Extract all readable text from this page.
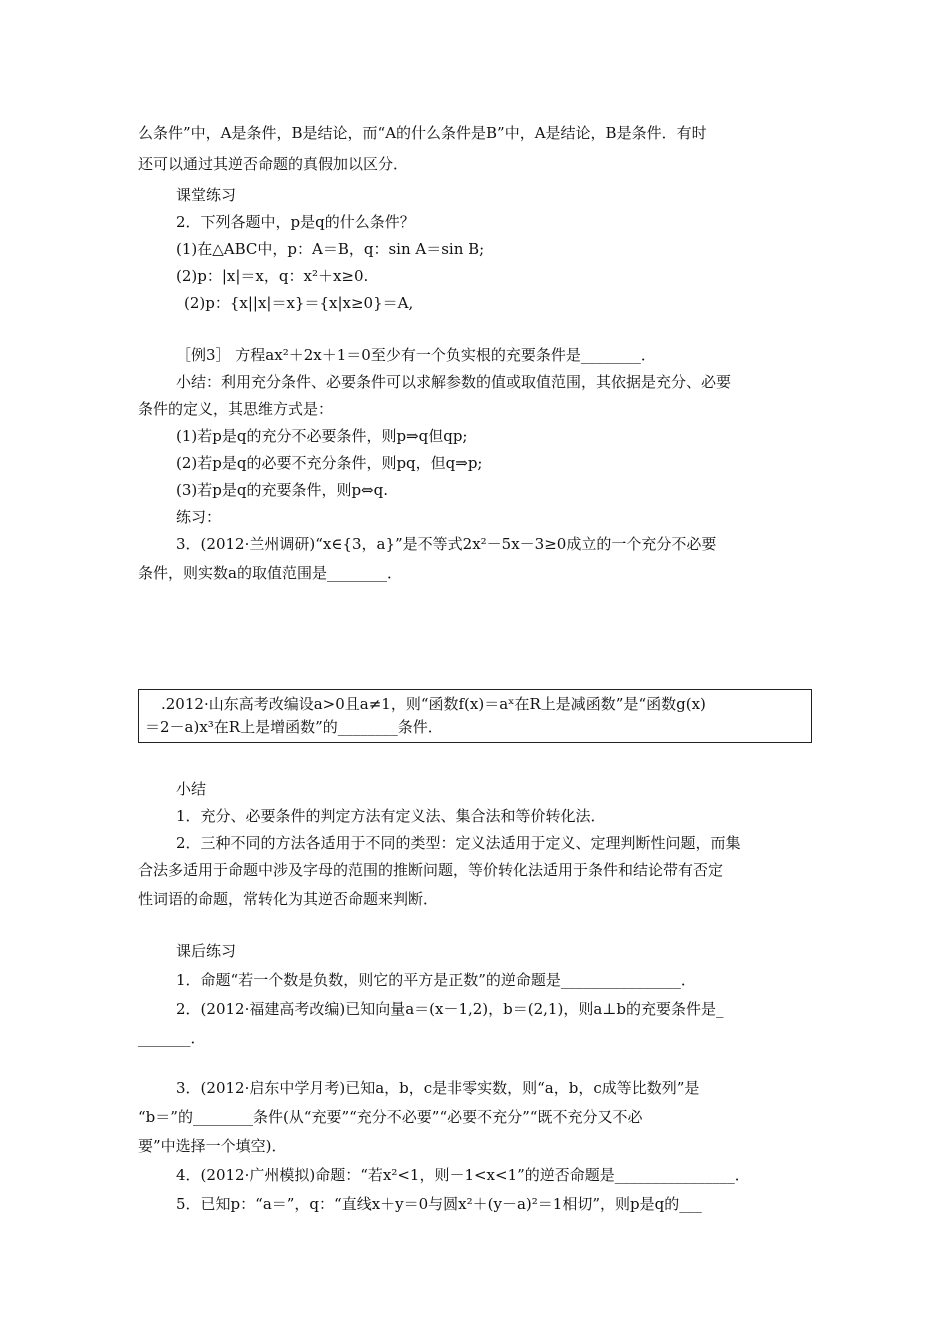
么条件”中，A是条件，B是结论，而“A的什么条件是B”中，A是结论，B是条件．有时
还可以通过其逆否命题的真假加以区分．
课堂练习
2．下列各题中，p是q的什么条件？
(1)在△ABC中，p：A＝B，q：sin A＝sin B;
(2)p：|x|＝x，q：x²＋x≥0.
(2)p：{x||x|＝x}＝{x|x≥0}＝A,
［例3］ 方程ax²＋2x＋1＝0至少有一个负实根的充要条件是________．
小结：利用充分条件、必要条件可以求解参数的值或取值范围，其依据是充分、必要
条件的定义，其思维方式是：
(1)若p是q的充分不必要条件，则p⇒q但qp;
(2)若p是q的必要不充分条件，则pq，但q⇒p;
(3)若p是q的充要条件，则p⇔q.
练习：
3．(2012·兰州调研)“x∈{3，a}”是不等式2x²－5x－3≥0成立的一个充分不必要
条件，则实数a的取值范围是________．
.2012·山东高考改编设a>0且a≠1，则“函数f(x)＝aˣ在R上是减函数”是“函数g(x)
＝2－a)x³在R上是增函数”的________条件．
小结
1．充分、必要条件的判定方法有定义法、集合法和等价转化法．
2．三种不同的方法各适用于不同的类型：定义法适用于定义、定理判断性问题，而集
合法多适用于命题中涉及字母的范围的推断问题，等价转化法适用于条件和结论带有否定
性词语的命题，常转化为其逆否命题来判断．
课后练习
1．命题“若一个数是负数，则它的平方是正数”的逆命题是________________．
2．(2012·福建高考改编)已知向量a＝(x－1,2)，b＝(2,1)，则a⊥b的充要条件是_
_______．
3．(2012·启东中学月考)已知a，b，c是非零实数，则“a，b，c成等比数列”是
“b＝”的________条件(从“充要”“充分不必要”“必要不充分”“既不充分又不必
要”中选择一个填空)．
4．(2012·广州模拟)命题：“若x²<1，则－1<x<1”的逆否命题是________________．
5．已知p：“a＝”，q：“直线x＋y＝0与圆x²＋(y－a)²＝1相切”，则p是q的___
